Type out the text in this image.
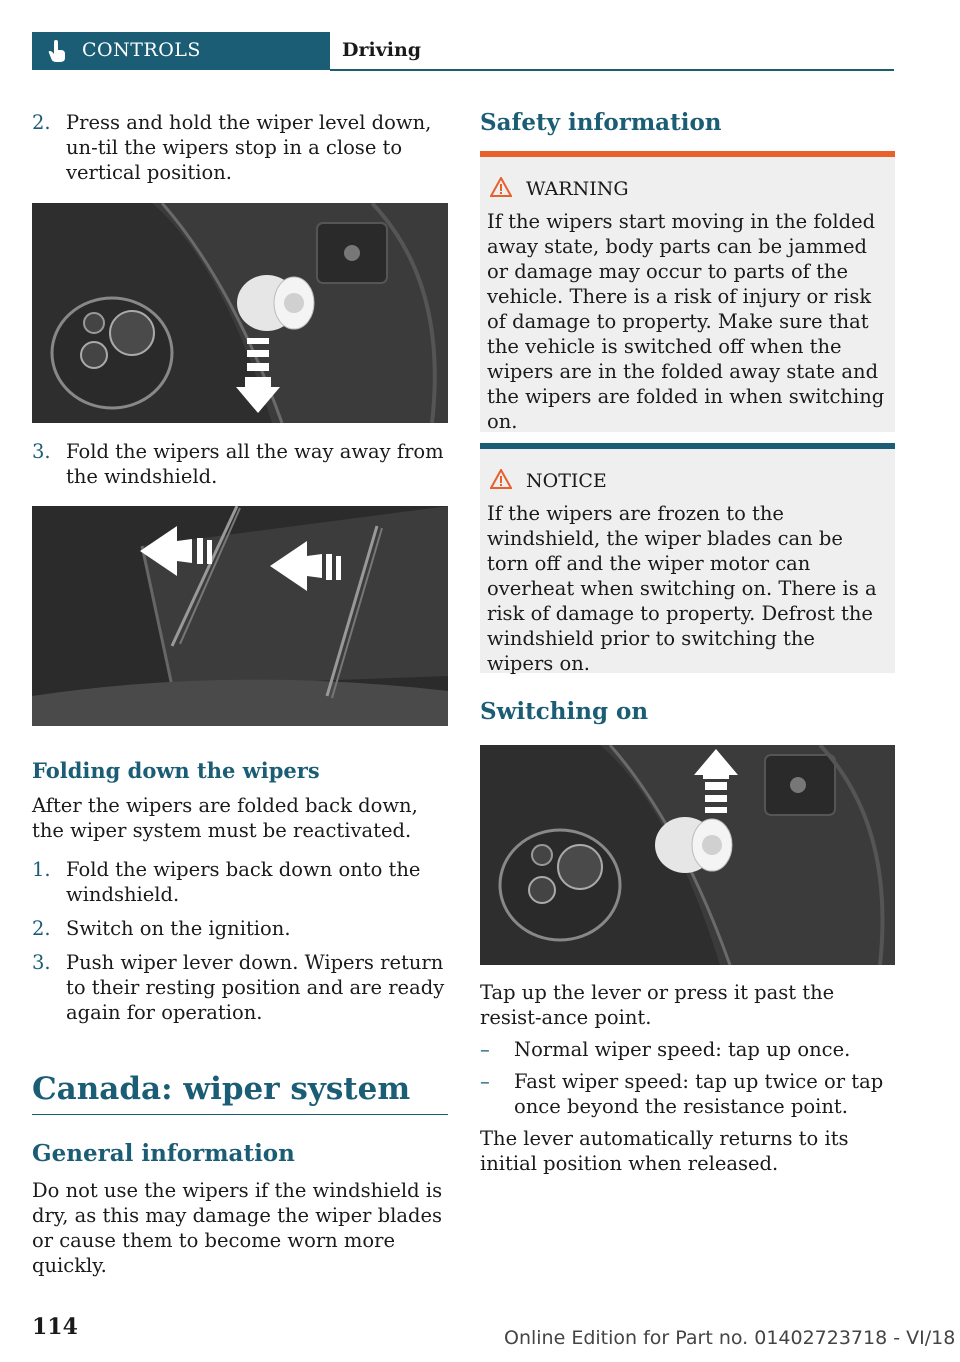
CONTROLS	Driving
2. Press and hold the wiper level down, un-til the wipers stop in a close to vertical position.
3. Fold the wipers all the way away from the windshield.
Folding down the wipers
After the wipers are folded back down, the wiper system must be reactivated.
1. Fold the wipers back down onto the windshield.
2. Switch on the ignition.
3. Push wiper lever down. Wipers return to their resting position and are ready again for operation.
Canada: wiper system
General information
Do not use the wipers if the windshield is dry, as this may damage the wiper blades or cause them to become worn more quickly.
Safety information
WARNING
If the wipers start moving in the folded away state, body parts can be jammed or damage may occur to parts of the vehicle. There is a risk of injury or risk of damage to property. Make sure that the vehicle is switched off when the wipers are in the folded away state and the wipers are folded in when switching on.
NOTICE
If the wipers are frozen to the windshield, the wiper blades can be torn off and the wiper motor can overheat when switching on. There is a risk of damage to property. Defrost the windshield prior to switching the wipers on.
Switching on
Tap up the lever or press it past the resist-ance point.
– Normal wiper speed: tap up once.
– Fast wiper speed: tap up twice or tap once beyond the resistance point.
The lever automatically returns to its initial position when released.
114	Online Edition for Part no. 01402723718 - VI/18
